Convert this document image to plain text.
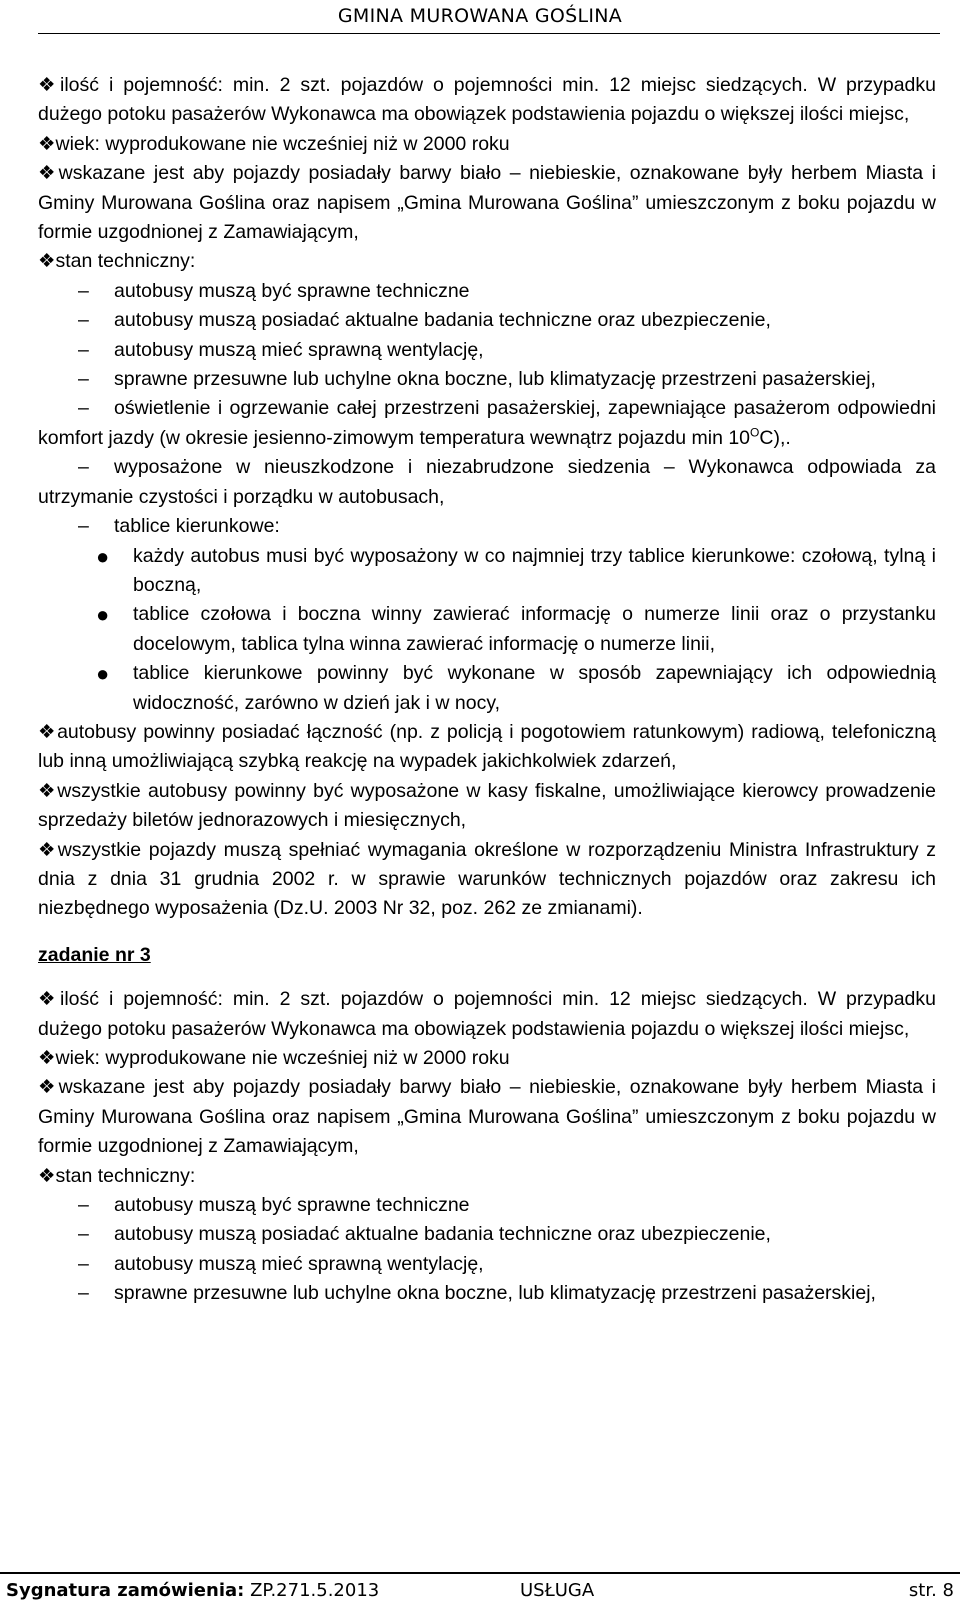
GMINA MUROWANA GOŚLINA
❖ilość i pojemność: min. 2 szt. pojazdów o pojemności min. 12 miejsc siedzących. W przypadku dużego potoku pasażerów Wykonawca ma obowiązek podstawienia pojazdu o większej ilości miejsc,
❖wiek: wyprodukowane nie wcześniej niż w 2000 roku
❖wskazane jest aby pojazdy posiadały barwy biało – niebieskie, oznakowane były herbem Miasta i Gminy Murowana Goślina oraz napisem „Gmina Murowana Goślina” umieszczonym z boku pojazdu w formie uzgodnionej z Zamawiającym,
❖stan techniczny:
–	autobusy muszą być sprawne techniczne
–	autobusy muszą posiadać aktualne badania techniczne oraz ubezpieczenie,
–	autobusy muszą mieć sprawną wentylację,
–	sprawne przesuwne lub uchylne okna boczne, lub klimatyzację przestrzeni pasażerskiej,
–	oświetlenie i ogrzewanie całej przestrzeni pasażerskiej, zapewniające pasażerom odpowiedni komfort jazdy (w okresie jesienno-zimowym temperatura wewnątrz pojazdu $\min 10^OC$),.
–	wyposażone w nieuszkodzone i niezabrudzone siedzenia – Wykonawca odpowiada za utrzymanie czystości i porządku w autobusach,
–	tablice kierunkowe:
● każdy autobus musi być wyposażony w co najmniej trzy tablice kierunkowe: czołową, tylną i boczną,
● tablice czołowa i boczna winny zawierać informację o numerze linii oraz o przystanku docelowym, tablica tylna winna zawierać informację o numerze linii,
● tablice kierunkowe powinny być wykonane w sposób zapewniający ich odpowiednią widoczność, zarówno w dzień jak i w nocy,
❖autobusy powinny posiadać łączność (np. z policją i pogotowiem ratunkowym) radiową, telefoniczną lub inną umożliwiającą szybką reakcję na wypadek jakichkolwiek zdarzeń,
❖wszystkie autobusy powinny być wyposażone w kasy fiskalne, umożliwiające kierowcy prowadzenie sprzedaży biletów jednorazowych i miesięcznych,
❖wszystkie pojazdy muszą spełniać wymagania określone w rozporządzeniu Ministra Infrastruktury z dnia z dnia 31 grudnia 2002 r. w sprawie warunków technicznych pojazdów oraz zakresu ich niezbędnego wyposażenia (Dz.U. 2003 Nr 32, poz. 262 ze zmianami).
zadanie nr 3
❖ilość i pojemność: min. 2 szt. pojazdów o pojemności min. 12 miejsc siedzących. W przypadku dużego potoku pasażerów Wykonawca ma obowiązek podstawienia pojazdu o większej ilości miejsc,
❖wiek: wyprodukowane nie wcześniej niż w 2000 roku
❖wskazane jest aby pojazdy posiadały barwy biało – niebieskie, oznakowane były herbem Miasta i Gminy Murowana Goślina oraz napisem „Gmina Murowana Goślina” umieszczonym z boku pojazdu w formie uzgodnionej z Zamawiającym,
❖stan techniczny:
–	autobusy muszą być sprawne techniczne
–	autobusy muszą posiadać aktualne badania techniczne oraz ubezpieczenie,
–	autobusy muszą mieć sprawną wentylację,
–	sprawne przesuwne lub uchylne okna boczne, lub klimatyzację przestrzeni pasażerskiej,
Sygnatura zamówienia: ZP.271.5.2013	USŁUGA	str. 8
